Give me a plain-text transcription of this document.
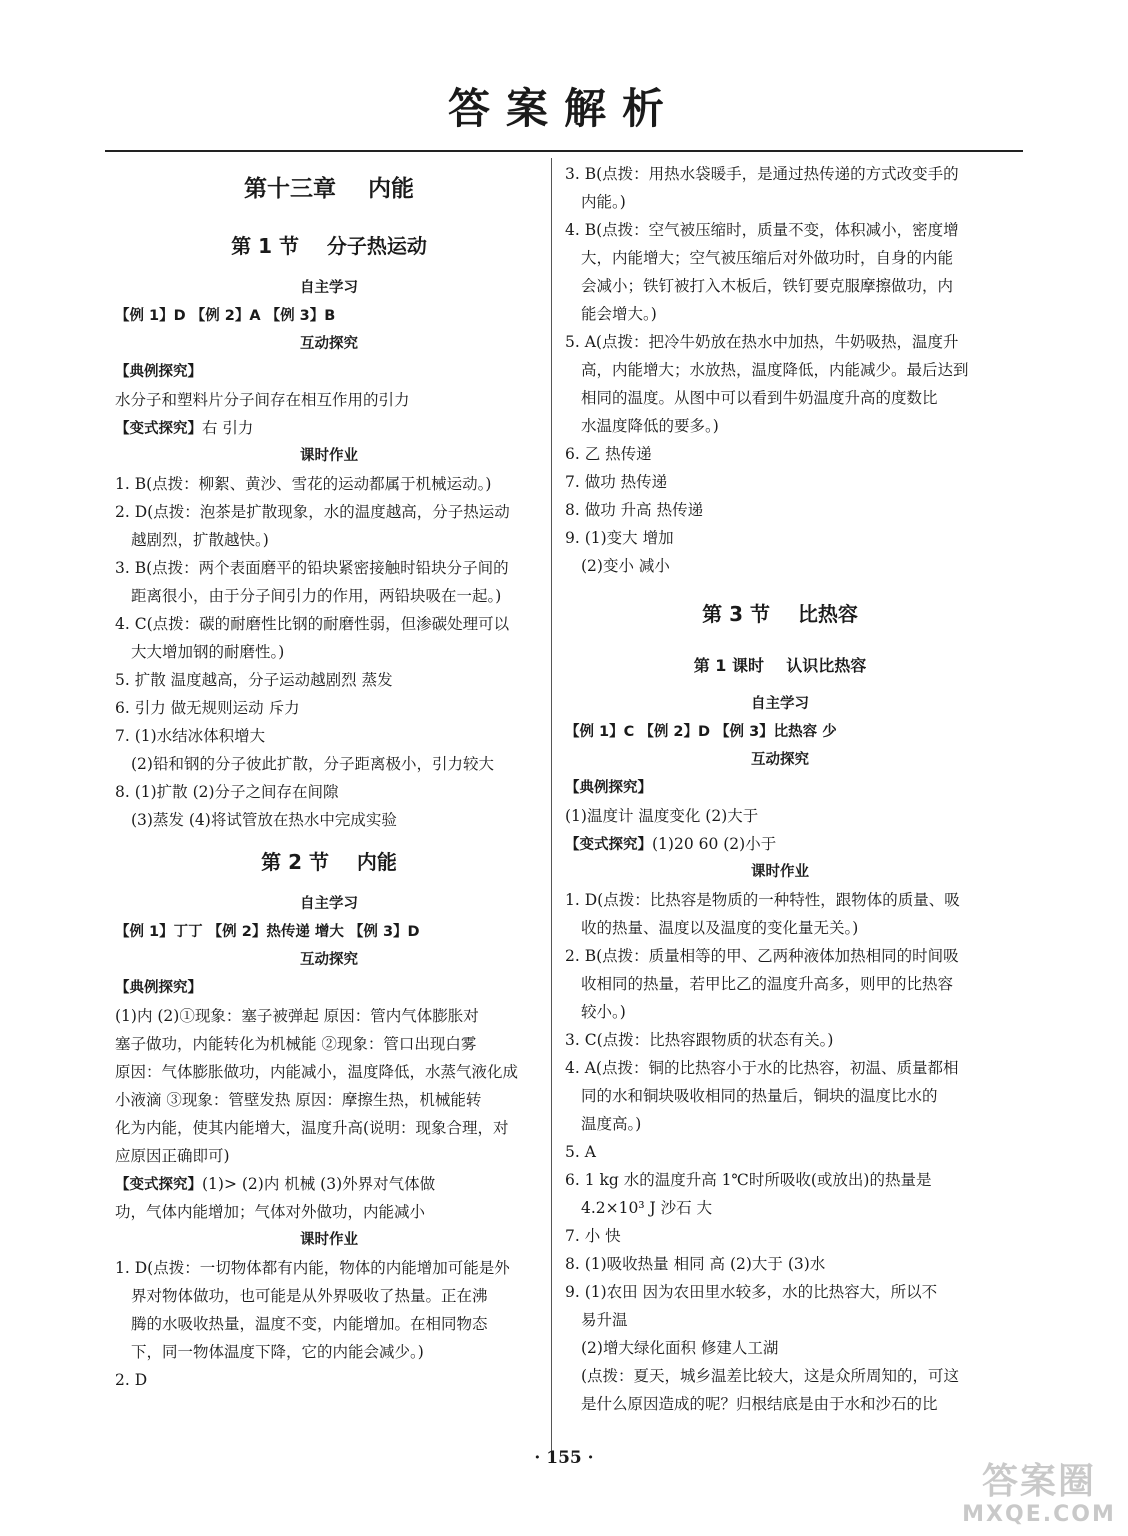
答案解析
第十三章    内能
第 1 节    分子热运动
自主学习
【例 1】D 【例 2】A 【例 3】B
互动探究
【典例探究】
水分子和塑料片分子间存在相互作用的引力
【变式探究】右 引力
课时作业
1. B(点拨：柳絮、黄沙、雪花的运动都属于机械运动。)
2. D(点拨：泡茶是扩散现象，水的温度越高，分子热运动
越剧烈，扩散越快。)
3. B(点拨：两个表面磨平的铅块紧密接触时铅块分子间的
距离很小，由于分子间引力的作用，两铅块吸在一起。)
4. C(点拨：碳的耐磨性比钢的耐磨性弱，但渗碳处理可以
大大增加钢的耐磨性。)
5. 扩散 温度越高，分子运动越剧烈 蒸发
6. 引力 做无规则运动 斥力
7. (1)水结冰体积增大
(2)铅和钢的分子彼此扩散，分子距离极小，引力较大
8. (1)扩散 (2)分子之间存在间隙
(3)蒸发 (4)将试管放在热水中完成实验
第 2 节    内能
自主学习
【例 1】丁丁 【例 2】热传递 增大 【例 3】D
互动探究
【典例探究】
(1)内 (2)①现象：塞子被弹起 原因：管内气体膨胀对
塞子做功，内能转化为机械能 ②现象：管口出现白雾
原因：气体膨胀做功，内能减小，温度降低，水蒸气液化成
小液滴 ③现象：管壁发热 原因：摩擦生热，机械能转
化为内能，使其内能增大，温度升高(说明：现象合理，对
应原因正确即可)
【变式探究】(1)> (2)内 机械 (3)外界对气体做
功，气体内能增加；气体对外做功，内能减小
课时作业
1. D(点拨：一切物体都有内能，物体的内能增加可能是外
界对物体做功，也可能是从外界吸收了热量。正在沸
腾的水吸收热量，温度不变，内能增加。在相同物态
下，同一物体温度下降，它的内能会减少。)
2. D
3. B(点拨：用热水袋暖手，是通过热传递的方式改变手的
内能。)
4. B(点拨：空气被压缩时，质量不变，体积减小，密度增
大，内能增大；空气被压缩后对外做功时，自身的内能
会减小；铁钉被打入木板后，铁钉要克服摩擦做功，内
能会增大。)
5. A(点拨：把冷牛奶放在热水中加热，牛奶吸热，温度升
高，内能增大；水放热，温度降低，内能减少。最后达到
相同的温度。从图中可以看到牛奶温度升高的度数比
水温度降低的要多。)
6. 乙 热传递
7. 做功 热传递
8. 做功 升高 热传递
9. (1)变大 增加
(2)变小 减小
第 3 节    比热容
第 1 课时    认识比热容
自主学习
【例 1】C 【例 2】D 【例 3】比热容 少
互动探究
【典例探究】
(1)温度计 温度变化 (2)大于
【变式探究】(1)20 60 (2)小于
课时作业
1. D(点拨：比热容是物质的一种特性，跟物体的质量、吸
收的热量、温度以及温度的变化量无关。)
2. B(点拨：质量相等的甲、乙两种液体加热相同的时间吸
收相同的热量，若甲比乙的温度升高多，则甲的比热容
较小。)
3. C(点拨：比热容跟物质的状态有关。)
4. A(点拨：铜的比热容小于水的比热容，初温、质量都相
同的水和铜块吸收相同的热量后，铜块的温度比水的
温度高。)
5. A
6. 1 kg 水的温度升高 1℃时所吸收(或放出)的热量是
4.2×10³ J 沙石 大
7. 小 快
8. (1)吸收热量 相同 高 (2)大于 (3)水
9. (1)农田 因为农田里水较多，水的比热容大，所以不
易升温
(2)增大绿化面积 修建人工湖
(点拨：夏天，城乡温差比较大，这是众所周知的，可这
是什么原因造成的呢？归根结底是由于水和沙石的比
· 155 ·
答案圈
MXQE.COM
